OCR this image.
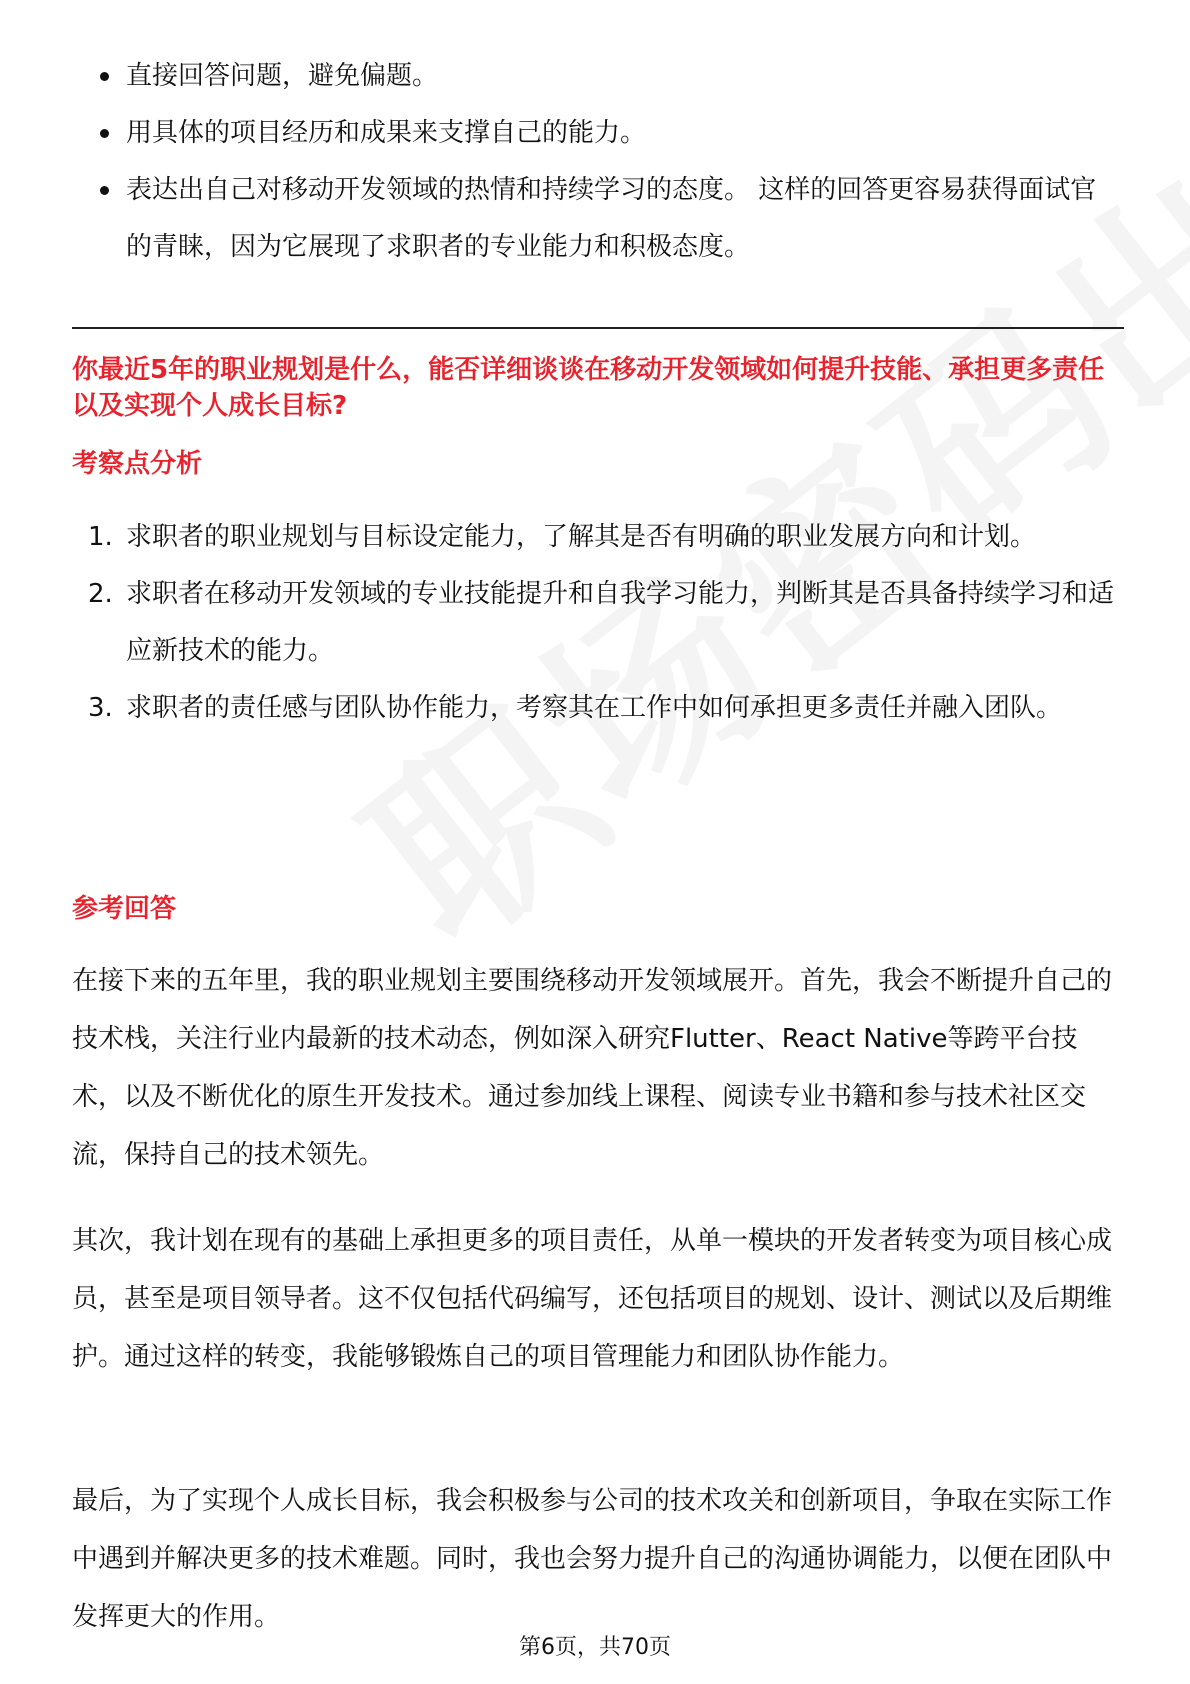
直接回答问题，避免偏题。
用具体的项目经历和成果来支撑自己的能力。
表达出自己对移动开发领域的热情和持续学习的态度。 这样的回答更容易获得面试官的青睐，因为它展现了求职者的专业能力和积极态度。
你最近5年的职业规划是什么，能否详细谈谈在移动开发领域如何提升技能、承担更多责任以及实现个人成长目标?
考察点分析
1. 求职者的职业规划与目标设定能力，了解其是否有明确的职业发展方向和计划。
2. 求职者在移动开发领域的专业技能提升和自我学习能力，判断其是否具备持续学习和适应新技术的能力。
3. 求职者的责任感与团队协作能力，考察其在工作中如何承担更多责任并融入团队。
参考回答

在接下来的五年里，我的职业规划主要围绕移动开发领域展开。首先，我会不断提升自己的技术栈，关注行业内最新的技术动态，例如深入研究Flutter、React Native等跨平台技术，以及不断优化的原生开发技术。通过参加线上课程、阅读专业书籍和参与技术社区交流，保持自己的技术领先。

其次，我计划在现有的基础上承担更多的项目责任，从单一模块的开发者转变为项目核心成员，甚至是项目领导者。这不仅包括代码编写，还包括项目的规划、设计、测试以及后期维护。通过这样的转变，我能够锻炼自己的项目管理能力和团队协作能力。

最后，为了实现个人成长目标，我会积极参与公司的技术攻关和创新项目，争取在实际工作中遇到并解决更多的技术难题。同时，我也会努力提升自己的沟通协调能力，以便在团队中发挥更大的作用。

第6页，共70页
